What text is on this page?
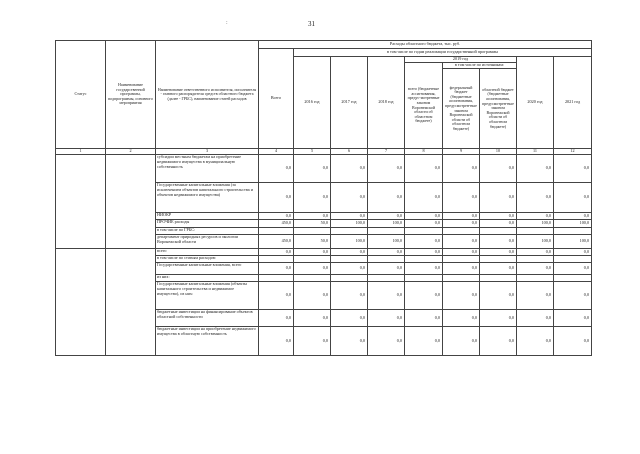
:	31
Статус	Наименование государственной программы, подпрограммы, основного мероприятия	Наименование ответственного исполнителя, исполнителя - главного распорядителя средств областного бюджета (далее - ГРБС), наименование статей расходов	Расходы областного бюджета, тыс. руб.								
			Всего	в том числе по годам реализации государственной программы							
				2016 год	2017 год	2018 год	2019 год			2020 год	2021 год
							всего (бюджетные ассигнования, предус-мотренные законом Воронежской области об областном бюджете)	в том числе по источникам:			
								федеральный бюджет (бюджетные ассигнования, предусмотрен-ные законом Воронежской области об областном бюджете)	областной бюджет (бюджетные ассигнования, предусмотрен-ные законом Воронежской области об областном бюджете)		
1	2	3	4	5	6	7	8	9	10	11	12
		субсидии местным бюджетам на приобретение недвижимого имущества в муниципальную собственность	0,0	0,0	0,0	0,0	0,0	0,0	0,0	0,0	0,0
		Государственные капитальные вложения (за исключением объектов капитального строительства и объектов недвижимого имущества)	0,0	0,0	0,0	0,0	0,0	0,0	0,0	0,0	0,0
		НИОКР	0,0	0,0	0,0	0,0	0,0	0,0	0,0	0,0	0,0
		ПРОЧИЕ расходы	450,0	50,0	100,0	100,0	0,0	0,0	0,0	100,0	100,0
		в том числе по ГРБС:									
		департамент природных ресурсов и экологии Воронежской области	450,0	50,0	100,0	100,0	0,0	0,0	0,0	100,0	100,0
		всего	0,0	0,0	0,0	0,0	0,0	0,0	0,0	0,0	0,0
		в том числе по статьям расходов:									
		Государственные капитальные вложения, всего	0,0	0,0	0,0	0,0	0,0	0,0	0,0	0,0	0,0
		из них:									
		Государственные капитальные вложения (объекты капитального строительства и недвижимое имущество), из них:	0,0	0,0	0,0	0,0	0,0	0,0	0,0	0,0	0,0
		бюджетные инвестиции на финансирование объектов областной собственности	0,0	0,0	0,0	0,0	0,0	0,0	0,0	0,0	0,0
		бюджетные инвестиции на приобретение недвижимого имущества в областную собственность	0,0	0,0	0,0	0,0	0,0	0,0	0,0	0,0	0,0
